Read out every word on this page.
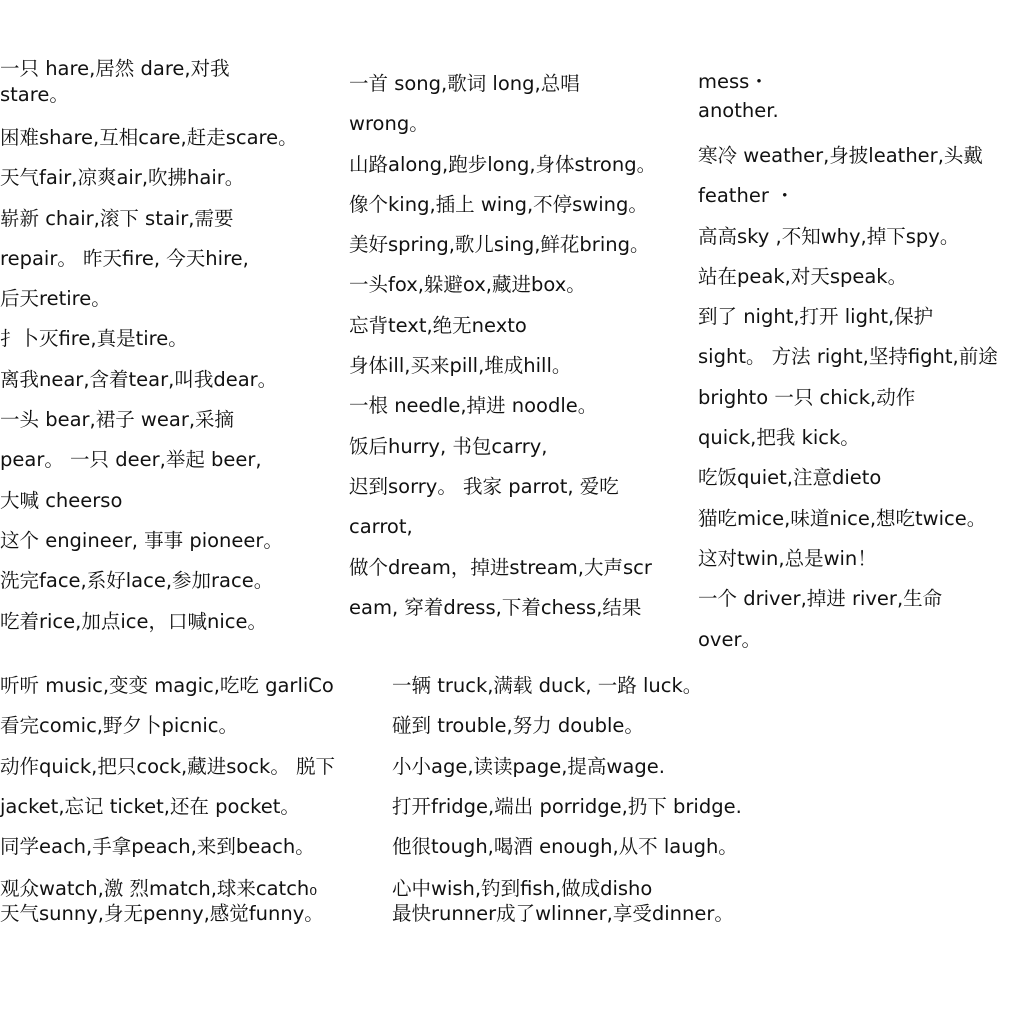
一只 hare,居然 dare,对我
stare。
困难share,互相care,赶走scare。
天气fair,凉爽air,吹拂hair。
崭新 chair,滚下 stair,需要
repair。 昨天fire, 今天hire,
后天retire。
扌卜灭fire,真是tire。
离我near,含着tear,叫我dear。
一头 bear,裙子 wear,采摘
pear。 一只 deer,举起 beer,
大喊 cheerso
这个 engineer, 事事 pioneer。
洗完face,系好lace,参加race。
吃着rice,加点ice，口喊nice。
一首 song,歌词 long,总唱
wrong。
山路along,跑步long,身体strong。
像个king,插上 wing,不停swing。
美好spring,歌儿sing,鲜花bring。
一头fox,躲避ox,藏进box。
忘背text,绝无nexto
身体ill,买来pill,堆成hill。
一根 needle,掉进 noodle。
饭后hurry, 书包carry,
迟到sorry。 我家 parrot, 爱吃
carrot,
做个dream，掉进stream,大声scr
eam, 穿着dress,下着chess,结果
mess・
another.
寒冷 weather,身披leather,头戴
feather ・
高高sky ,不知why,掉下spy。
站在peak,对天speak。
到了 night,打开 light,保护
sight。 方法 right,坚持fight,前途
brighto 一只 chick,动作
quick,把我 kick。
吃饭quiet,注意dieto
猫吃mice,味道nice,想吃twice。
这对twin,总是win！
一个 driver,掉进 river,生命
over。
听听 music,变变 magic,吃吃 garliCo
看完comic,野夕卜picnic。
动作quick,把只cock,藏进sock。 脱下
jacket,忘记 ticket,还在 pocket。
同学each,手拿peach,来到beach。
观众watch,激 烈match,球来catch₀
天气sunny,身无penny,感觉funny。
一辆 truck,满载 duck, 一路 luck。
碰到 trouble,努力 double。
小小age,读读page,提高wage.
打开fridge,端出 porridge,扔下 bridge.
他很tough,喝酒 enough,从不 laugh。
心中wish,钓到fish,做成disho
最快runner成了wlinner,享受dinner。
